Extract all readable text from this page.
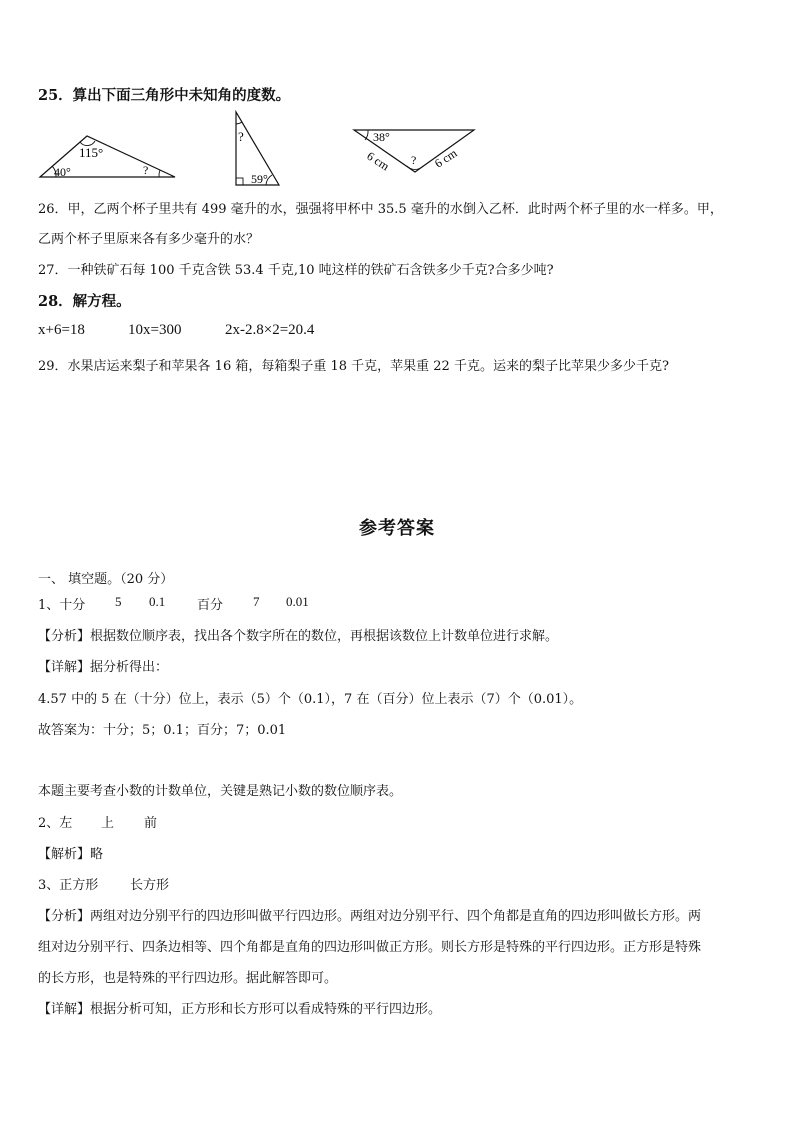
25．算出下面三角形中未知角的度数。
115°
40°	?
?
59°
38°
6 cm	6 cm
?
26．甲，乙两个杯子里共有 499 毫升的水，强强将甲杯中 35.5 毫升的水倒入乙杯．此时两个杯子里的水一样多。甲，
乙两个杯子里原来各有多少毫升的水？
27．一种铁矿石每 100 千克含铁 53.4 千克,10 吨这样的铁矿石含铁多少千克?合多少吨?
28．解方程。
x+6=18	10x=300	2x-2.8×2=20.4
29．水果店运来梨子和苹果各 16 箱，每箱梨子重 18 千克，苹果重 22 千克。运来的梨子比苹果少多少千克?
参考答案
一、 填空题。（20 分）
1、十分 5 0.1 百分 7 0.01
【分析】根据数位顺序表，找出各个数字所在的数位，再根据该数位上计数单位进行求解。
【详解】据分析得出：
4.57 中的 5 在（十分）位上，表示（5）个（0.1），7 在（百分）位上表示（7）个（0.01）。
故答案为：十分；5；0.1；百分；7；0.01
本题主要考查小数的计数单位，关键是熟记小数的数位顺序表。
2、左 上 前
【解析】略
3、正方形 长方形
【分析】两组对边分别平行的四边形叫做平行四边形。两组对边分别平行、四个角都是直角的四边形叫做长方形。两
组对边分别平行、四条边相等、四个角都是直角的四边形叫做正方形。则长方形是特殊的平行四边形。正方形是特殊
的长方形，也是特殊的平行四边形。据此解答即可。
【详解】根据分析可知，正方形和长方形可以看成特殊的平行四边形。
